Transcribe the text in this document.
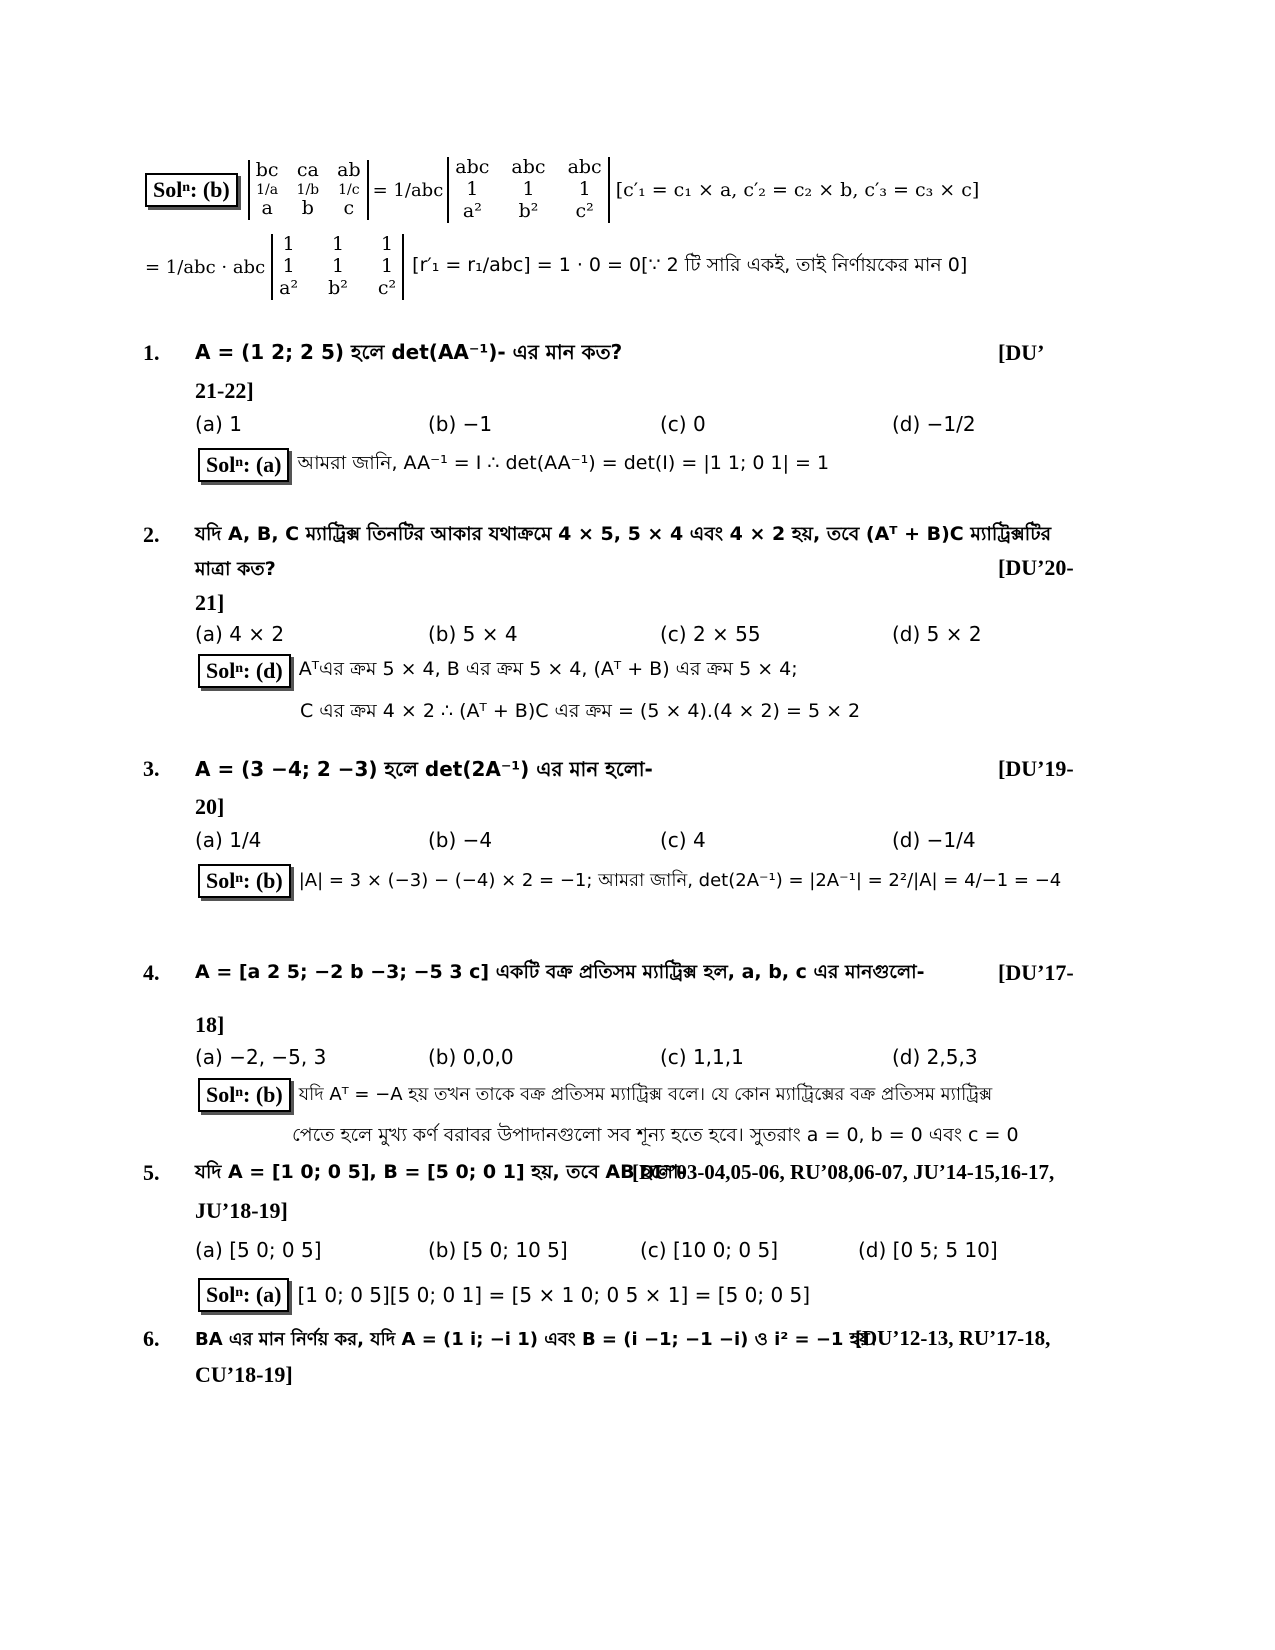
Solⁿ: (b)
bc ca ab
1/a 1/b 1/c
a	b	c
= 1/abc
abc abc abc
1	1	1
a²	b²	c²
[c′₁ = c₁ × a, c′₂ = c₂ × b, c′₃ = c₃ × c]
= 1/abc · abc
1 1 1
1 1 1
a² b² c²
[r′₁ = r₁/abc] = 1 · 0 = 0[∵ 2 টি সারি একই, তাই নির্ণায়কের মান 0]
1. A = (1 2; 2 5) হলে det(AA⁻¹)- এর মান কত?	[DU’
21-22]
(a) 1	(b) −1	(c) 0	(d) −1/2
Solⁿ: (a) আমরা জানি, AA⁻¹ = I ∴ det(AA⁻¹) = det(I) = |1 1; 0 1| = 1
2. যদি A, B, C ম্যাট্রিক্স তিনটির আকার যথাক্রমে 4 × 5, 5 × 4 এবং 4 × 2 হয়, তবে (Aᵀ + B)C ম্যাট্রিক্সটির
মাত্রা কত?	[DU’20-
21]
(a) 4 × 2	(b) 5 × 4	(c) 2 × 55	(d) 5 × 2
Solⁿ: (d) Aᵀএর ক্রম 5 × 4, B এর ক্রম 5 × 4, (Aᵀ + B) এর ক্রম 5 × 4;
C এর ক্রম 4 × 2 ∴ (Aᵀ + B)C এর ক্রম = (5 × 4).(4 × 2) = 5 × 2
3. A = (3 −4; 2 −3) হলে det(2A⁻¹) এর মান হলো-	[DU’19-
20]
(a) 1/4	(b) −4	(c) 4	(d) −1/4
Solⁿ: (b) |A| = 3 × (−3) − (−4) × 2 = −1; আমরা জানি, det(2A⁻¹) = |2A⁻¹| = 2²/|A| = 4/−1 = −4
4. A = [a 2 5; −2 b −3; −5 3 c] একটি বক্র প্রতিসম ম্যাট্রিক্স হল, a, b, c এর মানগুলো-	[DU’17-
18]
(a) −2, −5, 3	(b) 0,0,0	(c) 1,1,1	(d) 2,5,3
Solⁿ: (b) যদি Aᵀ = −A হয় তখন তাকে বক্র প্রতিসম ম্যাট্রিক্স বলে। যে কোন ম্যাট্রিক্সের বক্র প্রতিসম ম্যাট্রিক্স
পেতে হলে মুখ্য কর্ণ বরাবর উপাদানগুলো সব শূন্য হতে হবে। সুতরাং a = 0, b = 0 এবং c = 0
5. যদি A = [1 0; 0 5], B = [5 0; 0 1] হয়, তবে AB হলো-
[DU’03-04,05-06, RU’08,06-07, JU’14-15,16-17,
JU’18-19]
(a) [5 0; 0 5]	(b) [5 0; 10 5]	(c) [10 0; 0 5]	(d) [0 5; 5 10]
Solⁿ: (a) [1 0; 0 5][5 0; 0 1] = [5 × 1 0; 0 5 × 1] = [5 0; 0 5]
6. BA এর মান নির্ণয় কর, যদি A = (1 i; −i 1) এবং B = (i −1; −1 −i) ও i² = −1 হয়।
[DU’12-13, RU’17-18,
CU’18-19]
